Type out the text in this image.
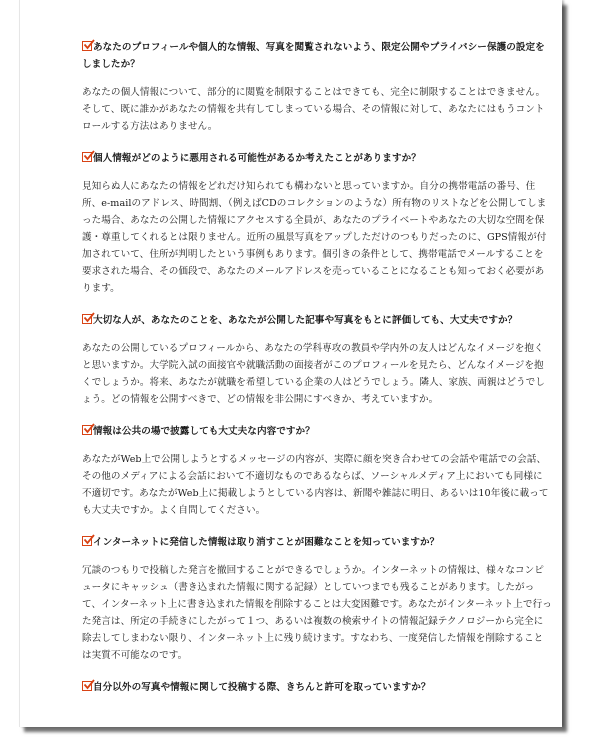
あなたのプロフィールや個人的な情報、写真を閲覧されないよう、限定公開やプライバシー保護の設定をしましたか？

あなたの個人情報について、部分的に閲覧を制限することはできても、完全に制限することはできません。そして、既に誰かがあなたの情報を共有してしまっている場合、その情報に対して、あなたにはもうコントロールする方法はありません。

個人情報がどのように悪用される可能性があるか考えたことがありますか？

見知らぬ人にあなたの情報をどれだけ知られても構わないと思っていますか。自分の携帯電話の番号、住所、e-mailのアドレス、時間割、（例えばCDのコレクションのような）所有物のリストなどを公開してしまった場合、あなたの公開した情報にアクセスする全員が、あなたのプライベートやあなたの大切な空間を保護・尊重してくれるとは限りません。近所の風景写真をアップしただけのつもりだったのに、GPS情報が付加されていて、住所が判明したという事例もあります。個引きの条件として、携帯電話でメールすることを要求された場合、その価段で、あなたのメールアドレスを売っていることになることも知っておく必要があります。

大切な人が、あなたのことを、あなたが公開した記事や写真をもとに評価しても、大丈夫ですか？

あなたの公開しているプロフィールから、あなたの学科専攻の教員や学内外の友人はどんなイメージを抱くと思いますか。大学院入試の面接官や就職活動の面接者がこのプロフィールを見たら、どんなイメージを抱くでしょうか。将来、あなたが就職を希望している企業の人はどうでしょう。隣人、家族、両親はどうでしょう。どの情報を公開すべきで、どの情報を非公開にすべきか、考えていますか。

情報は公共の場で披露しても大丈夫な内容ですか？

あなたがWeb上で公開しようとするメッセージの内容が、実際に顔を突き合わせての会話や電話での会話、その他のメディアによる会話において不適切なものであるならば、ソーシャルメディア上においても同様に不適切です。あなたがWeb上に掲載しようとしている内容は、新聞や雑誌に明日、あるいは10年後に載っても大丈夫ですか。よく自問してください。

インターネットに発信した情報は取り消すことが困難なことを知っていますか？

冗談のつもりで投稿した発言を撤回することができるでしょうか。インターネットの情報は、様々なコンピュータにキャッシュ（書き込まれた情報に関する記録）としていつまでも残ることがあります。したがって、インターネット上に書き込まれた情報を削除することは大変困難です。あなたがインターネット上で行った発言は、所定の手続きにしたがって１つ、あるいは複数の検索サイトの情報記録テクノロジーから完全に除去してしまわない限り、インターネット上に残り続けます。すなわち、一度発信した情報を削除することは実質不可能なのです。

自分以外の写真や情報に関して投稿する際、きちんと許可を取っていますか？
